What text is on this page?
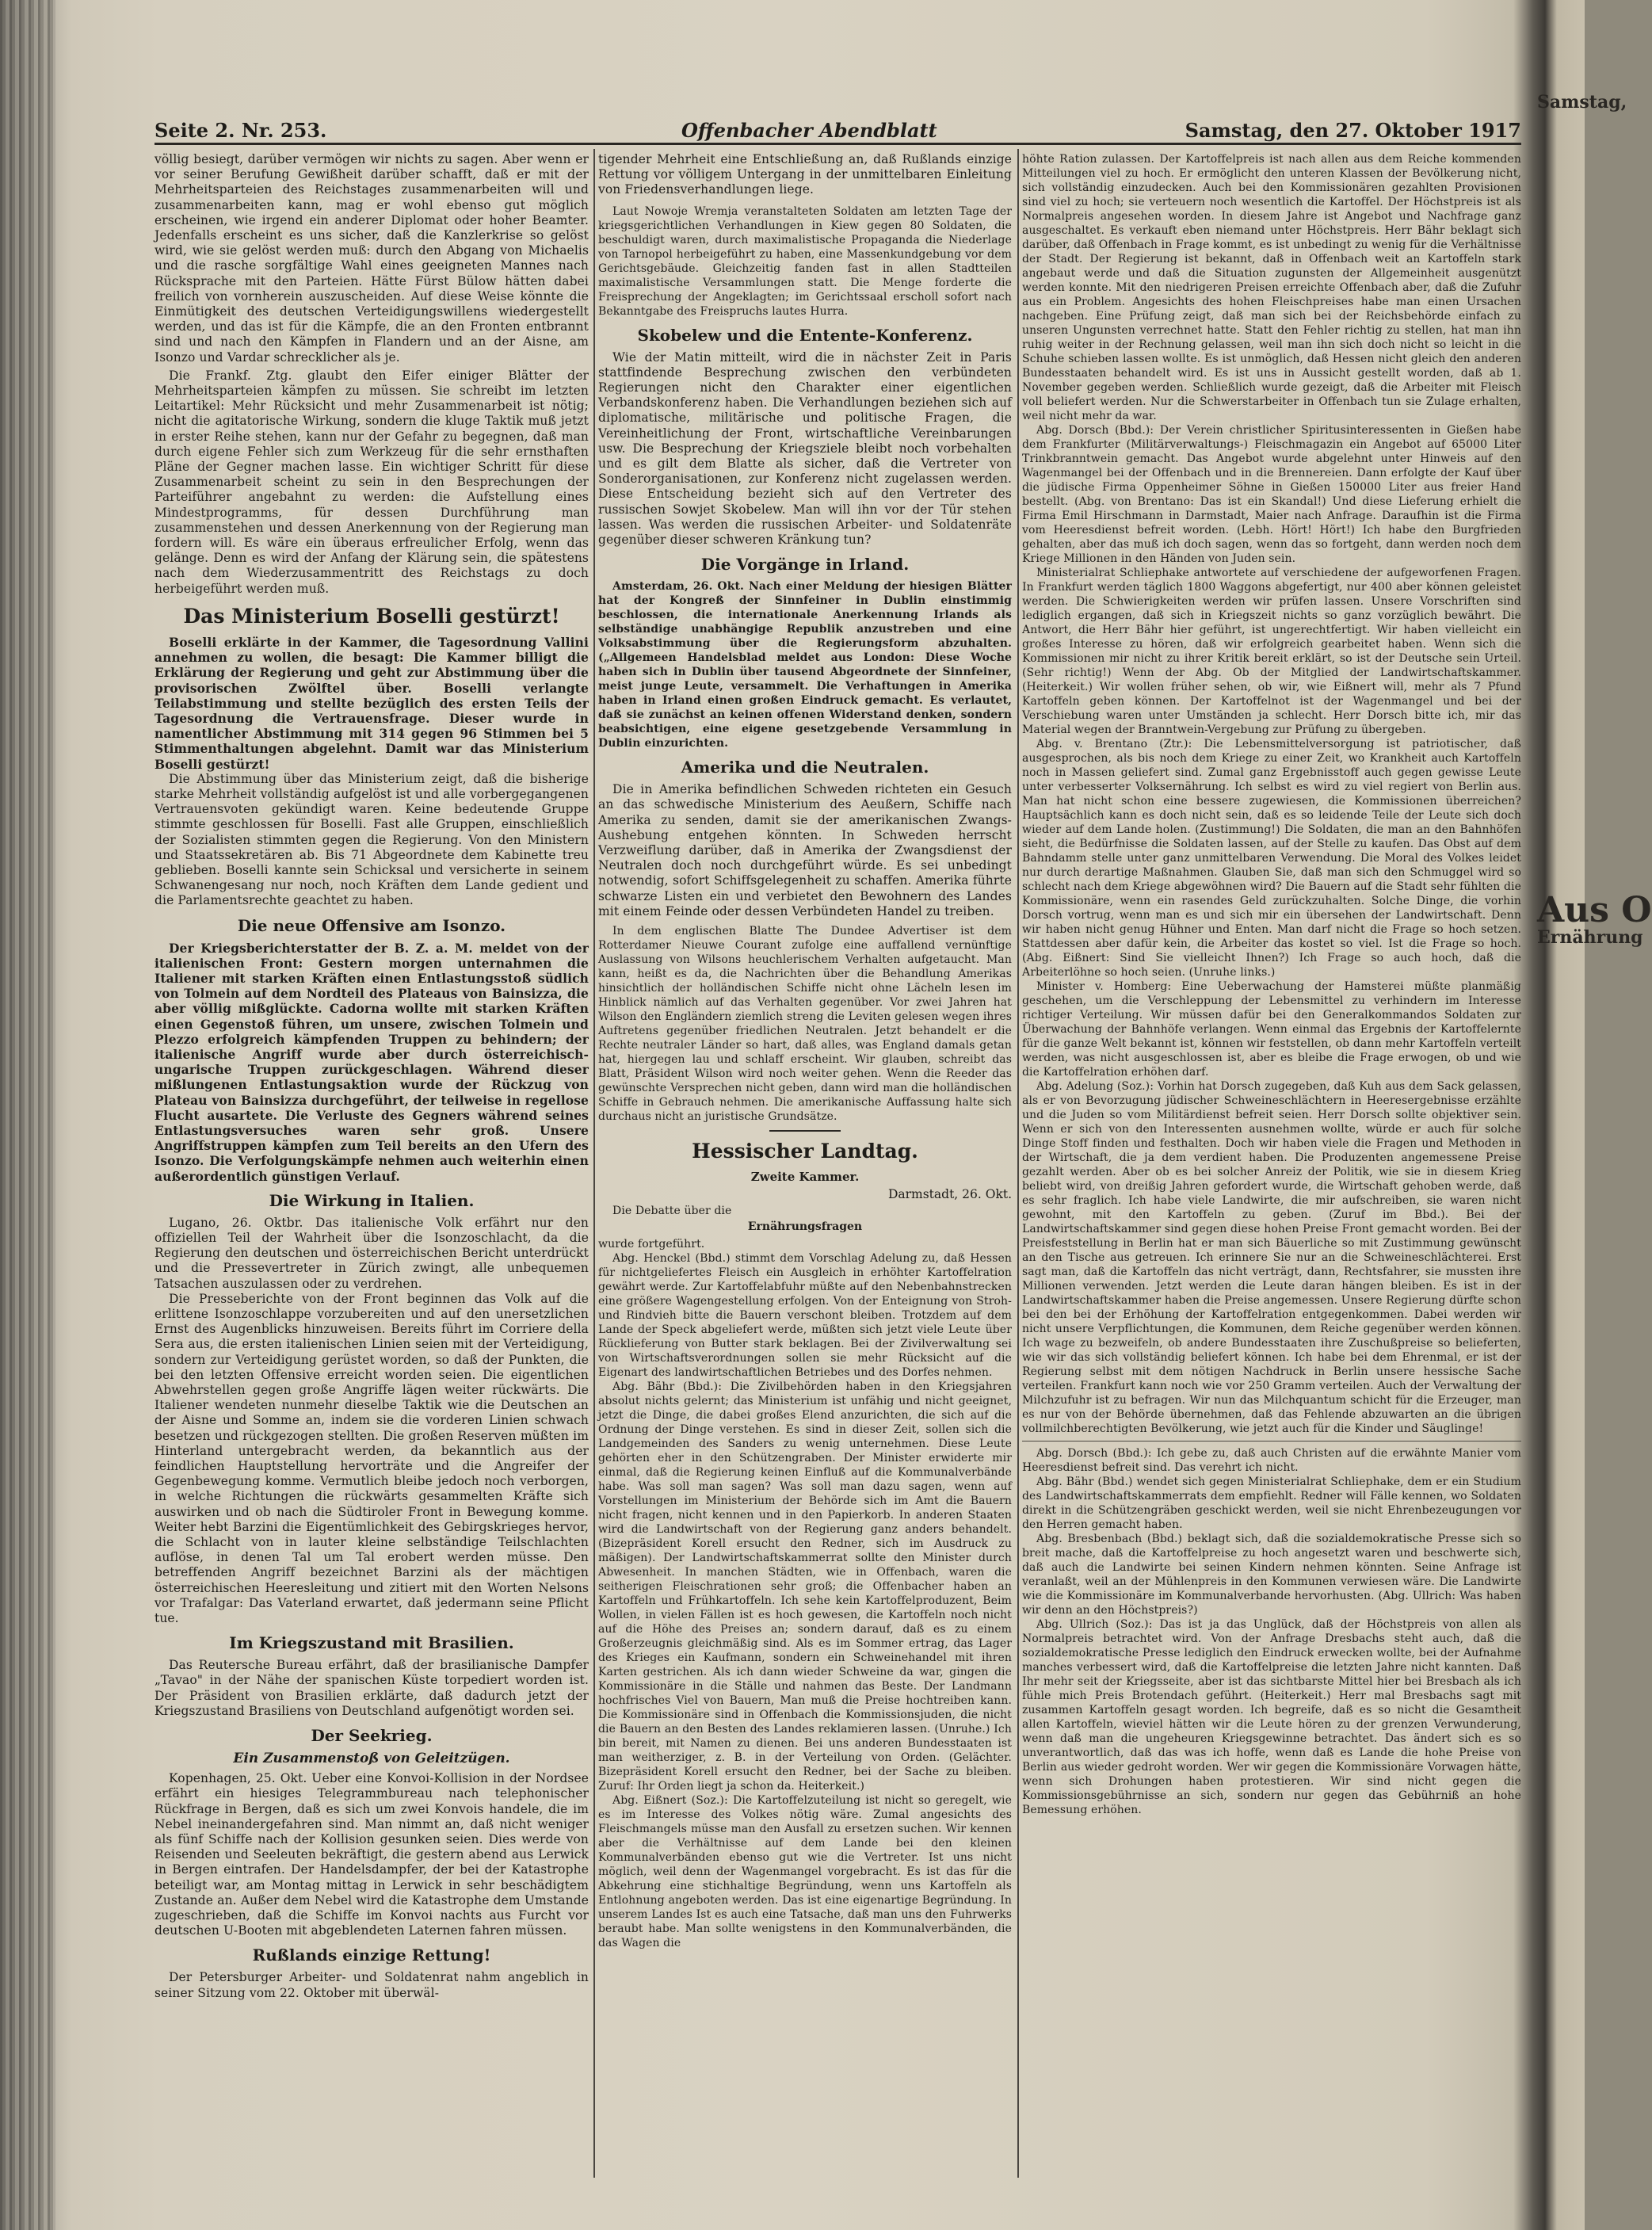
Seite 2. Nr. 253.	Offenbacher Abendblatt	Samstag, den 27. Oktober 1917

völlig besiegt, darüber vermögen wir nichts zu sagen. Aber wenn er vor seiner Berufung Gewißheit darüber schafft, daß er mit der Mehrheitsparteien des Reichstages zusammenarbeiten will und zusammenarbeiten kann, mag er wohl ebenso gut möglich erscheinen, wie irgend ein anderer Diplomat oder hoher Beamter. Jedenfalls erscheint es uns sicher, daß die Kanzlerkrise so gelöst wird, wie sie gelöst werden muß: durch den Abgang von Michaelis und die rasche sorgfältige Wahl eines geeigneten Mannes nach Rücksprache mit den Parteien. Hätte Fürst Bülow hätten dabei freilich von vornherein auszuscheiden. Auf diese Weise könnte die Einmütigkeit des deutschen Verteidigungswillens wiedergestellt werden, und das ist für die Kämpfe, die an den Fronten entbrannt sind und nach den Kämpfen in Flandern und an der Aisne, am Isonzo und Vardar schrecklicher als je.

Die Frankf. Ztg. glaubt den Eifer einiger Blätter der Mehrheitsparteien kämpfen zu müssen. Sie schreibt im letzten Leitartikel: Mehr Rücksicht und mehr Zusammenarbeit ist nötig; nicht die agitatorische Wirkung, sondern die kluge Taktik muß jetzt in erster Reihe stehen, kann nur der Gefahr zu begegnen, daß man durch eigene Fehler sich zum Werkzeug für die sehr ernsthaften Pläne der Gegner machen lasse. Ein wichtiger Schritt für diese Zusammenarbeit scheint zu sein in den Besprechungen der Parteiführer angebahnt zu werden: die Aufstellung eines Mindestprogramms, für dessen Durchführung man zusammenstehen und dessen Anerkennung von der Regierung man fordern will. Es wäre ein überaus erfreulicher Erfolg, wenn das gelänge. Denn es wird der Anfang der Klärung sein, die spätestens nach dem Wiederzusammentritt des Reichstags zu doch herbeigeführt werden muß.

Das Ministerium Boselli gestürzt!

Boselli erklärte in der Kammer, die Tagesordnung Vallini annehmen zu wollen, die besagt: Die Kammer billigt die Erklärung der Regierung und geht zur Abstimmung über die provisorischen Zwölftel über. Boselli verlangte Teilabstimmung und stellte bezüglich des ersten Teils der Tagesordnung die Vertrauensfrage. Dieser wurde in namentlicher Abstimmung mit 314 gegen 96 Stimmen bei 5 Stimmenthaltungen abgelehnt. Damit war das Ministerium Boselli gestürzt!

Die Abstimmung über das Ministerium zeigt, daß die bisherige starke Mehrheit vollständig aufgelöst ist und alle vorbergegangenen Vertrauensvoten gekündigt waren. Keine bedeutende Gruppe stimmte geschlossen für Boselli. Fast alle Gruppen, einschließlich der Sozialisten stimmten gegen die Regierung. Von den Ministern und Staatssekretären ab. Bis 71 Abgeordnete dem Kabinette treu geblieben. Boselli kannte sein Schicksal und versicherte in seinem Schwanengesang nur noch, noch Kräften dem Lande gedient und die Parlamentsrechte geachtet zu haben.

Die neue Offensive am Isonzo.

Der Kriegsberichterstatter der B. Z. a. M. meldet von der italienischen Front: Gestern morgen unternahmen die Italiener mit starken Kräften einen Entlastungsstoß südlich von Tolmein auf dem Nordteil des Plateaus von Bainsizza, die aber völlig mißglückte. Cadorna wollte mit starken Kräften einen Gegenstoß führen, um unsere, zwischen Tolmein und Plezzo erfolgreich kämpfenden Truppen zu behindern; der italienische Angriff wurde aber durch österreichisch-ungarische Truppen zurückgeschlagen. Während dieser mißlungenen Entlastungsaktion wurde der Rückzug von Plateau von Bainsizza durchgeführt, der teilweise in regellose Flucht ausartete. Die Verluste des Gegners während seines Entlastungsversuches waren sehr groß. Unsere Angriffstruppen kämpfen zum Teil bereits an den Ufern des Isonzo. Die Verfolgungskämpfe nehmen auch weiterhin einen außerordentlich günstigen Verlauf.

Die Wirkung in Italien.

Lugano, 26. Oktbr. Das italienische Volk erfährt nur den offiziellen Teil der Wahrheit über die Isonzoschlacht, da die Regierung den deutschen und österreichischen Bericht unterdrückt und die Pressevertreter in Zürich zwingt, alle unbequemen Tatsachen auszulassen oder zu verdrehen.

Die Presseberichte von der Front beginnen das Volk auf die erlittene Isonzoschlappe vorzubereiten und auf den unersetzlichen Ernst des Augenblicks hinzuweisen. Bereits führt im Corriere della Sera aus, die ersten italienischen Linien seien mit der Verteidigung, sondern zur Verteidigung gerüstet worden, so daß der Punkten, die bei den letzten Offensive erreicht worden seien. Die eigentlichen Abwehrstellen gegen große Angriffe lägen weiter rückwärts. Die Italiener wendeten nunmehr dieselbe Taktik wie die Deutschen an der Aisne und Somme an, indem sie die vorderen Linien schwach besetzen und rückgezogen stellten. Die großen Reserven müßten im Hinterland untergebracht werden, da bekanntlich aus der feindlichen Hauptstellung hervorträte und die Angreifer der Gegenbewegung komme. Vermutlich bleibe jedoch noch verborgen, in welche Richtungen die rückwärts gesammelten Kräfte sich auswirken und ob nach die Südtiroler Front in Bewegung komme. Weiter hebt Barzini die Eigentümlichkeit des Gebirgskrieges hervor, die Schlacht von in lauter kleine selbständige Teilschlachten auflöse, in denen Tal um Tal erobert werden müsse. Den betreffenden Angriff bezeichnet Barzini als der mächtigen österreichischen Heeresleitung und zitiert mit den Worten Nelsons vor Trafalgar: Das Vaterland erwartet, daß jedermann seine Pflicht tue.

Im Kriegszustand mit Brasilien.

Das Reutersche Bureau erfährt, daß der brasilianische Dampfer „Tavao" in der Nähe der spanischen Küste torpediert worden ist. Der Präsident von Brasilien erklärte, daß dadurch jetzt der Kriegszustand Brasiliens von Deutschland aufgenötigt worden sei.

Der Seekrieg.
Ein Zusammenstoß von Geleitzügen.

Kopenhagen, 25. Okt. Ueber eine Konvoi-Kollision in der Nordsee erfährt ein hiesiges Telegrammbureau nach telephonischer Rückfrage in Bergen, daß es sich um zwei Konvois handele, die im Nebel ineinandergefahren sind. Man nimmt an, daß nicht weniger als fünf Schiffe nach der Kollision gesunken seien. Dies werde von Reisenden und Seeleuten bekräftigt, die gestern abend aus Lerwick in Bergen eintrafen. Der Handelsdampfer, der bei der Katastrophe beteiligt war, am Montag mittag in Lerwick in sehr beschädigtem Zustande an. Außer dem Nebel wird die Katastrophe dem Umstande zugeschrieben, daß die Schiffe im Konvoi nachts aus Furcht vor deutschen U-Booten mit abgeblendeten Laternen fahren müssen.

Rußlands einzige Rettung!

Der Petersburger Arbeiter- und Soldatenrat nahm angeblich in seiner Sitzung vom 22. Oktober mit überwäl-

tigender Mehrheit eine Entschließung an, daß Rußlands einzige Rettung vor völligem Untergang in der unmittelbaren Einleitung von Friedensverhandlungen liege.

Laut Nowoje Wremja veranstalteten Soldaten am letzten Tage der kriegsgerichtlichen Verhandlungen in Kiew gegen 80 Soldaten, die beschuldigt waren, durch maximalistische Propaganda die Niederlage von Tarnopol herbeigeführt zu haben, eine Massenkundgebung vor dem Gerichtsgebäude. Gleichzeitig fanden fast in allen Stadtteilen maximalistische Versammlungen statt. Die Menge forderte die Freisprechung der Angeklagten; im Gerichtssaal erscholl sofort nach Bekanntgabe des Freispruchs lautes Hurra.

Skobelew und die Entente-Konferenz.

Wie der Matin mitteilt, wird die in nächster Zeit in Paris stattfindende Besprechung zwischen den verbündeten Regierungen nicht den Charakter einer eigentlichen Verbandskonferenz haben. Die Verhandlungen beziehen sich auf diplomatische, militärische und politische Fragen, die Vereinheitlichung der Front, wirtschaftliche Vereinbarungen usw. Die Besprechung der Kriegsziele bleibt noch vorbehalten und es gilt dem Blatte als sicher, daß die Vertreter von Sonderorganisationen, zur Konferenz nicht zugelassen werden. Diese Entscheidung bezieht sich auf den Vertreter des russischen Sowjet Skobelew. Man will ihn vor der Tür stehen lassen. Was werden die russischen Arbeiter- und Soldatenräte gegenüber dieser schweren Kränkung tun?

Die Vorgänge in Irland.

Amsterdam, 26. Okt. Nach einer Meldung der hiesigen Blätter hat der Kongreß der Sinnfeiner in Dublin einstimmig beschlossen, die internationale Anerkennung Irlands als selbständige unabhängige Republik anzustreben und eine Volksabstimmung über die Regierungsform abzuhalten. („Allgemeen Handelsblad meldet aus London: Diese Woche haben sich in Dublin über tausend Abgeordnete der Sinnfeiner, meist junge Leute, versammelt. Die Verhaftungen in Amerika haben in Irland einen großen Eindruck gemacht. Es verlautet, daß sie zunächst an keinen offenen Widerstand denken, sondern beabsichtigen, eine eigene gesetzgebende Versammlung in Dublin einzurichten.

Amerika und die Neutralen.

Die in Amerika befindlichen Schweden richteten ein Gesuch an das schwedische Ministerium des Aeußern, Schiffe nach Amerika zu senden, damit sie der amerikanischen Zwangs-Aushebung entgehen könnten. In Schweden herrscht Verzweiflung darüber, daß in Amerika der Zwangsdienst der Neutralen doch noch durchgeführt würde. Es sei unbedingt notwendig, sofort Schiffsgelegenheit zu schaffen. Amerika führte schwarze Listen ein und verbietet den Bewohnern des Landes mit einem Feinde oder dessen Verbündeten Handel zu treiben.

In dem englischen Blatte The Dundee Advertiser ist dem Rotterdamer Nieuwe Courant zufolge eine auffallend vernünftige Auslassung von Wilsons heuchlerischem Verhalten aufgetaucht. Man kann, heißt es da, die Nachrichten über die Behandlung Amerikas hinsichtlich der holländischen Schiffe nicht ohne Lächeln lesen im Hinblick nämlich auf das Verhalten gegenüber. Vor zwei Jahren hat Wilson den Engländern ziemlich streng die Leviten gelesen wegen ihres Auftretens gegenüber friedlichen Neutralen. Jetzt behandelt er die Rechte neutraler Länder so hart, daß alles, was England damals getan hat, hiergegen lau und schlaff erscheint. Wir glauben, schreibt das Blatt, Präsident Wilson wird noch weiter gehen. Wenn die Reeder das gewünschte Versprechen nicht geben, dann wird man die holländischen Schiffe in Gebrauch nehmen. Die amerikanische Auffassung halte sich durchaus nicht an juristische Grundsätze.

Hessischer Landtag.
Zweite Kammer.
Darmstadt, 26. Okt.
Die Debatte über die
Ernährungsfragen

wurde fortgeführt.

Abg. Henckel (Bbd.) stimmt dem Vorschlag Adelung zu, daß Hessen für nichtgeliefertes Fleisch ein Ausgleich in erhöhter Kartoffelration gewährt werde. Zur Kartoffelabfuhr müßte auf den Nebenbahnstrecken eine größere Wagengestellung erfolgen. Von der Enteignung von Stroh- und Rindvieh bitte die Bauern verschont bleiben. Trotzdem auf dem Lande der Speck abgeliefert werde, müßten sich jetzt viele Leute über Rücklieferung von Butter stark beklagen. Bei der Zivilverwaltung sei von Wirtschaftsverordnungen sollen sie mehr Rücksicht auf die Eigenart des landwirtschaftlichen Betriebes und des Dorfes nehmen.

Abg. Bähr (Bbd.): Die Zivilbehörden haben in den Kriegsjahren absolut nichts gelernt; das Ministerium ist unfähig und nicht geeignet, jetzt die Dinge, die dabei großes Elend anzurichten, die sich auf die Ordnung der Dinge verstehen. Es sind in dieser Zeit, sollen sich die Landgemeinden des Sanders zu wenig unternehmen. Diese Leute gehörten eher in den Schützengraben. Der Minister erwiderte mir einmal, daß die Regierung keinen Einfluß auf die Kommunalverbände habe. Was soll man sagen? Was soll man dazu sagen, wenn auf Vorstellungen im Ministerium der Behörde sich im Amt die Bauern nicht fragen, nicht kennen und in den Papierkorb. In anderen Staaten wird die Landwirtschaft von der Regierung ganz anders behandelt. (Bizepräsident Korell ersucht den Redner, sich im Ausdruck zu mäßigen). Der Landwirtschaftskammerrat sollte den Minister durch Abwesenheit. In manchen Städten, wie in Offenbach, waren die seitherigen Fleischrationen sehr groß; die Offenbacher haben an Kartoffeln und Frühkartoffeln. Ich sehe kein Kartoffelproduzent, Beim Wollen, in vielen Fällen ist es hoch gewesen, die Kartoffeln noch nicht auf die Höhe des Preises an; sondern darauf, daß es zu einem Großerzeugnis gleichmäßig sind. Als es im Sommer ertrag, das Lager des Krieges ein Kaufmann, sondern ein Schweinehandel mit ihren Karten gestrichen. Als ich dann wieder Schweine da war, gingen die Kommissionäre in die Ställe und nahmen das Beste. Der Landmann hochfrisches Viel von Bauern, Man muß die Preise hochtreiben kann. Die Kommissionäre sind in Offenbach die Kommissionsjuden, die nicht die Bauern an den Besten des Landes reklamieren lassen. (Unruhe.) Ich bin bereit, mit Namen zu dienen. Bei uns anderen Bundesstaaten ist man weitherziger, z. B. in der Verteilung von Orden. (Gelächter. Bizepräsident Korell ersucht den Redner, bei der Sache zu bleiben. Zuruf: Ihr Orden liegt ja schon da. Heiterkeit.)

Abg. Eißnert (Soz.): Die Kartoffelzuteilung ist nicht so geregelt, wie es im Interesse des Volkes nötig wäre. Zumal angesichts des Fleischmangels müsse man den Ausfall zu ersetzen suchen. Wir kennen aber die Verhältnisse auf dem Lande bei den kleinen Kommunalverbänden ebenso gut wie die Vertreter. Ist uns nicht möglich, weil denn der Wagenmangel vorgebracht. Es ist das für die Abkehrung eine stichhaltige Begründung, wenn uns Kartoffeln als Entlohnung angeboten werden. Das ist eine eigenartige Begründung. In unserem Landes Ist es auch eine Tatsache, daß man uns den Fuhrwerks beraubt habe. Man sollte wenigstens in den Kommunalverbänden, die das Wagen die

höhte Ration zulassen. Der Kartoffelpreis ist nach allen aus dem Reiche kommenden Mitteilungen viel zu hoch. Er ermöglicht den unteren Klassen der Bevölkerung nicht, sich vollständig einzudecken. Auch bei den Kommissionären gezahlten Provisionen sind viel zu hoch; sie verteuern noch wesentlich die Kartoffel. Der Höchstpreis ist als Normalpreis angesehen worden. In diesem Jahre ist Angebot und Nachfrage ganz ausgeschaltet. Es verkauft eben niemand unter Höchstpreis. Herr Bähr beklagt sich darüber, daß Offenbach in Frage kommt, es ist unbedingt zu wenig für die Verhältnisse der Stadt. Der Regierung ist bekannt, daß in Offenbach weit an Kartoffeln stark angebaut werde und daß die Situation zugunsten der Allgemeinheit ausgenützt werden konnte. Mit den niedrigeren Preisen erreichte Offenbach aber, daß die Zufuhr aus ein Problem. Angesichts des hohen Fleischpreises habe man einen Ursachen nachgeben. Eine Prüfung zeigt, daß man sich bei der Reichsbehörde einfach zu unseren Ungunsten verrechnet hatte. Statt den Fehler richtig zu stellen, hat man ihn ruhig weiter in der Rechnung gelassen, weil man ihn sich doch nicht so leicht in die Schuhe schieben lassen wollte. Es ist unmöglich, daß Hessen nicht gleich den anderen Bundesstaaten behandelt wird. Es ist uns in Aussicht gestellt worden, daß ab 1. November gegeben werden. Schließlich wurde gezeigt, daß die Arbeiter mit Fleisch voll beliefert werden. Nur die Schwerstarbeiter in Offenbach tun sie Zulage erhalten, weil nicht mehr da war.

Abg. Dorsch (Bbd.): Der Verein christlicher Spiritusinteressenten in Gießen habe dem Frankfurter (Militärverwaltungs-) Fleischmagazin ein Angebot auf 65000 Liter Trinkbranntwein gemacht. Das Angebot wurde abgelehnt unter Hinweis auf den Wagenmangel bei der Offenbach und in die Brennereien. Dann erfolgte der Kauf über die jüdische Firma Oppenheimer Söhne in Gießen 150000 Liter aus freier Hand bestellt. (Abg. von Brentano: Das ist ein Skandal!) Und diese Lieferung erhielt die Firma Emil Hirschmann in Darmstadt, Maier nach Anfrage. Daraufhin ist die Firma vom Heeresdienst befreit worden. (Lebh. Hört! Hört!) Ich habe den Burgfrieden gehalten, aber das muß ich doch sagen, wenn das so fortgeht, dann werden noch dem Kriege Millionen in den Händen von Juden sein.

Ministerialrat Schliephake antwortete auf verschiedene der aufgeworfenen Fragen. In Frankfurt werden täglich 1800 Waggons abgefertigt, nur 400 aber können geleistet werden. Die Schwierigkeiten werden wir prüfen lassen. Unsere Vorschriften sind lediglich ergangen, daß sich in Kriegszeit nichts so ganz vorzüglich bewährt. Die Antwort, die Herr Bähr hier geführt, ist ungerechtfertigt. Wir haben vielleicht ein großes Interesse zu hören, daß wir erfolgreich gearbeitet haben. Wenn sich die Kommissionen mir nicht zu ihrer Kritik bereit erklärt, so ist der Deutsche sein Urteil. (Sehr richtig!) Wenn der Abg. Ob der Mitglied der Landwirtschaftskammer. (Heiterkeit.) Wir wollen früher sehen, ob wir, wie Eißnert will, mehr als 7 Pfund Kartoffeln geben können. Der Kartoffelnot ist der Wagenmangel und bei der Verschiebung waren unter Umständen ja schlecht. Herr Dorsch bitte ich, mir das Material wegen der Branntwein-Vergebung zur Prüfung zu übergeben.

Abg. v. Brentano (Ztr.): Die Lebensmittelversorgung ist patriotischer, daß ausgesprochen, als bis noch dem Kriege zu einer Zeit, wo Krankheit auch Kartoffeln noch in Massen geliefert sind. Zumal ganz Ergebnisstoff auch gegen gewisse Leute unter verbesserter Volksernährung. Ich selbst es wird zu viel regiert von Berlin aus. Man hat nicht schon eine bessere zugewiesen, die Kommissionen überreichen? Hauptsächlich kann es doch nicht sein, daß es so leidende Teile der Leute sich doch wieder auf dem Lande holen. (Zustimmung!) Die Soldaten, die man an den Bahnhöfen sieht, die Bedürfnisse die Soldaten lassen, auf der Stelle zu kaufen. Das Obst auf dem Bahndamm stelle unter ganz unmittelbaren Verwendung. Die Moral des Volkes leidet nur durch derartige Maßnahmen. Glauben Sie, daß man sich den Schmuggel wird so schlecht nach dem Kriege abgewöhnen wird? Die Bauern auf die Stadt sehr fühlten die Kommissionäre, wenn ein rasendes Geld zurückzuhalten. Solche Dinge, die vorhin Dorsch vortrug, wenn man es und sich mir ein übersehen der Landwirtschaft. Denn wir haben nicht genug Hühner und Enten. Man darf nicht die Frage so hoch setzen. Stattdessen aber dafür kein, die Arbeiter das kostet so viel. Ist die Frage so hoch. (Abg. Eißnert: Sind Sie vielleicht Ihnen?) Ich Frage so auch hoch, daß die Arbeiterlöhne so hoch seien. (Unruhe links.)

Minister v. Homberg: Eine Ueberwachung der Hamsterei müßte planmäßig geschehen, um die Verschleppung der Lebensmittel zu verhindern im Interesse richtiger Verteilung. Wir müssen dafür bei den Generalkommandos Soldaten zur Überwachung der Bahnhöfe verlangen. Wenn einmal das Ergebnis der Kartoffelernte für die ganze Welt bekannt ist, können wir feststellen, ob dann mehr Kartoffeln verteilt werden, was nicht ausgeschlossen ist, aber es bleibe die Frage erwogen, ob und wie die Kartoffelration erhöhen darf.

Abg. Adelung (Soz.): Vorhin hat Dorsch zugegeben, daß Kuh aus dem Sack gelassen, als er von Bevorzugung jüdischer Schweineschlächtern in Heeresergebnisse erzählte und die Juden so vom Militärdienst befreit seien. Herr Dorsch sollte objektiver sein. Wenn er sich von den Interessenten ausnehmen wollte, würde er auch für solche Dinge Stoff finden und festhalten. Doch wir haben viele die Fragen und Methoden in der Wirtschaft, die ja dem verdient haben. Die Produzenten angemessene Preise gezahlt werden. Aber ob es bei solcher Anreiz der Politik, wie sie in diesem Krieg beliebt wird, von dreißig Jahren gefordert wurde, die Wirtschaft gehoben werde, daß es sehr fraglich. Ich habe viele Landwirte, die mir aufschreiben, sie waren nicht gewohnt, mit den Kartoffeln zu geben. (Zuruf im Bbd.). Bei der Landwirtschaftskammer sind gegen diese hohen Preise Front gemacht worden. Bei der Preisfeststellung in Berlin hat er man sich Bäuerliche so mit Zustimmung gewünscht an den Tische aus getreuen. Ich erinnere Sie nur an die Schweineschlächterei. Erst sagt man, daß die Kartoffeln das nicht verträgt, dann, Rechtsfahrer, sie mussten ihre Millionen verwenden. Jetzt werden die Leute daran hängen bleiben. Es ist in der Landwirtschaftskammer haben die Preise angemessen. Unsere Regierung dürfte schon bei den bei der Erhöhung der Kartoffelration entgegenkommen. Dabei werden wir nicht unsere Verpflichtungen, die Kommunen, dem Reiche gegenüber werden können. Ich wage zu bezweifeln, ob andere Bundesstaaten ihre Zuschußpreise so belieferten, wie wir das sich vollständig beliefert können. Ich habe bei dem Ehrenmal, er ist der Regierung selbst mit dem nötigen Nachdruck in Berlin unsere hessische Sache verteilen. Frankfurt kann noch wie vor 250 Gramm verteilen. Auch der Verwaltung der Milchzufuhr ist zu befragen. Wir nun das Milchquantum schicht für die Erzeuger, man es nur von der Behörde übernehmen, daß das Fehlende abzuwarten an die übrigen vollmilchberechtigten Bevölkerung, wie jetzt auch für die Kinder und Säuglinge!

Abg. Dorsch (Bbd.): Ich gebe zu, daß auch Christen auf die erwähnte Manier vom Heeresdienst befreit sind. Das verehrt ich nicht.

Abg. Bähr (Bbd.) wendet sich gegen Ministerialrat Schliephake, dem er ein Studium des Landwirtschaftskammerrats dem empfiehlt. Redner will Fälle kennen, wo Soldaten direkt in die Schützengräben geschickt werden, weil sie nicht Ehrenbezeugungen vor den Herren gemacht haben.

Abg. Bresbenbach (Bbd.) beklagt sich, daß die sozialdemokratische Presse sich so breit mache, daß die Kartoffelpreise zu hoch angesetzt waren und beschwerte sich, daß auch die Landwirte bei seinen Kindern nehmen könnten. Seine Anfrage ist veranlaßt, weil an der Mühlenpreis in den Kommunen verwiesen wäre. Die Landwirte wie die Kommissionäre im Kommunalverbande hervorhusten. (Abg. Ullrich: Was haben wir denn an den Höchstpreis?)

Abg. Ullrich (Soz.): Das ist ja das Unglück, daß der Höchstpreis von allen als Normalpreis betrachtet wird. Von der Anfrage Dresbachs steht auch, daß die sozialdemokratische Presse lediglich den Eindruck erwecken wollte, bei der Aufnahme manches verbessert wird, daß die Kartoffelpreise die letzten Jahre nicht kannten. Daß Ihr mehr seit der Kriegsseite, aber ist das sichtbarste Mittel hier bei Bresbach als ich fühle mich Preis Brotendach geführt. (Heiterkeit.) Herr mal Bresbachs sagt mit zusammen Kartoffeln gesagt worden. Ich begreife, daß es so nicht die Gesamtheit allen Kartoffeln, wieviel hätten wir die Leute hören zu der grenzen Verwunderung, wenn daß man die ungeheuren Kriegsgewinne betrachtet. Das ändert sich es so unverantwortlich, daß das was ich hoffe, wenn daß es Lande die hohe Preise von Berlin aus wieder gedroht worden. Wer wir gegen die Kommissionäre Vorwagen hätte, wenn sich Drohungen haben protestieren. Wir sind nicht gegen die Kommissionsgebührnisse an sich, sondern nur gegen das Gebührniß an hohe Bemessung erhöhen.

Samstag,
Aus O
Ernährung
